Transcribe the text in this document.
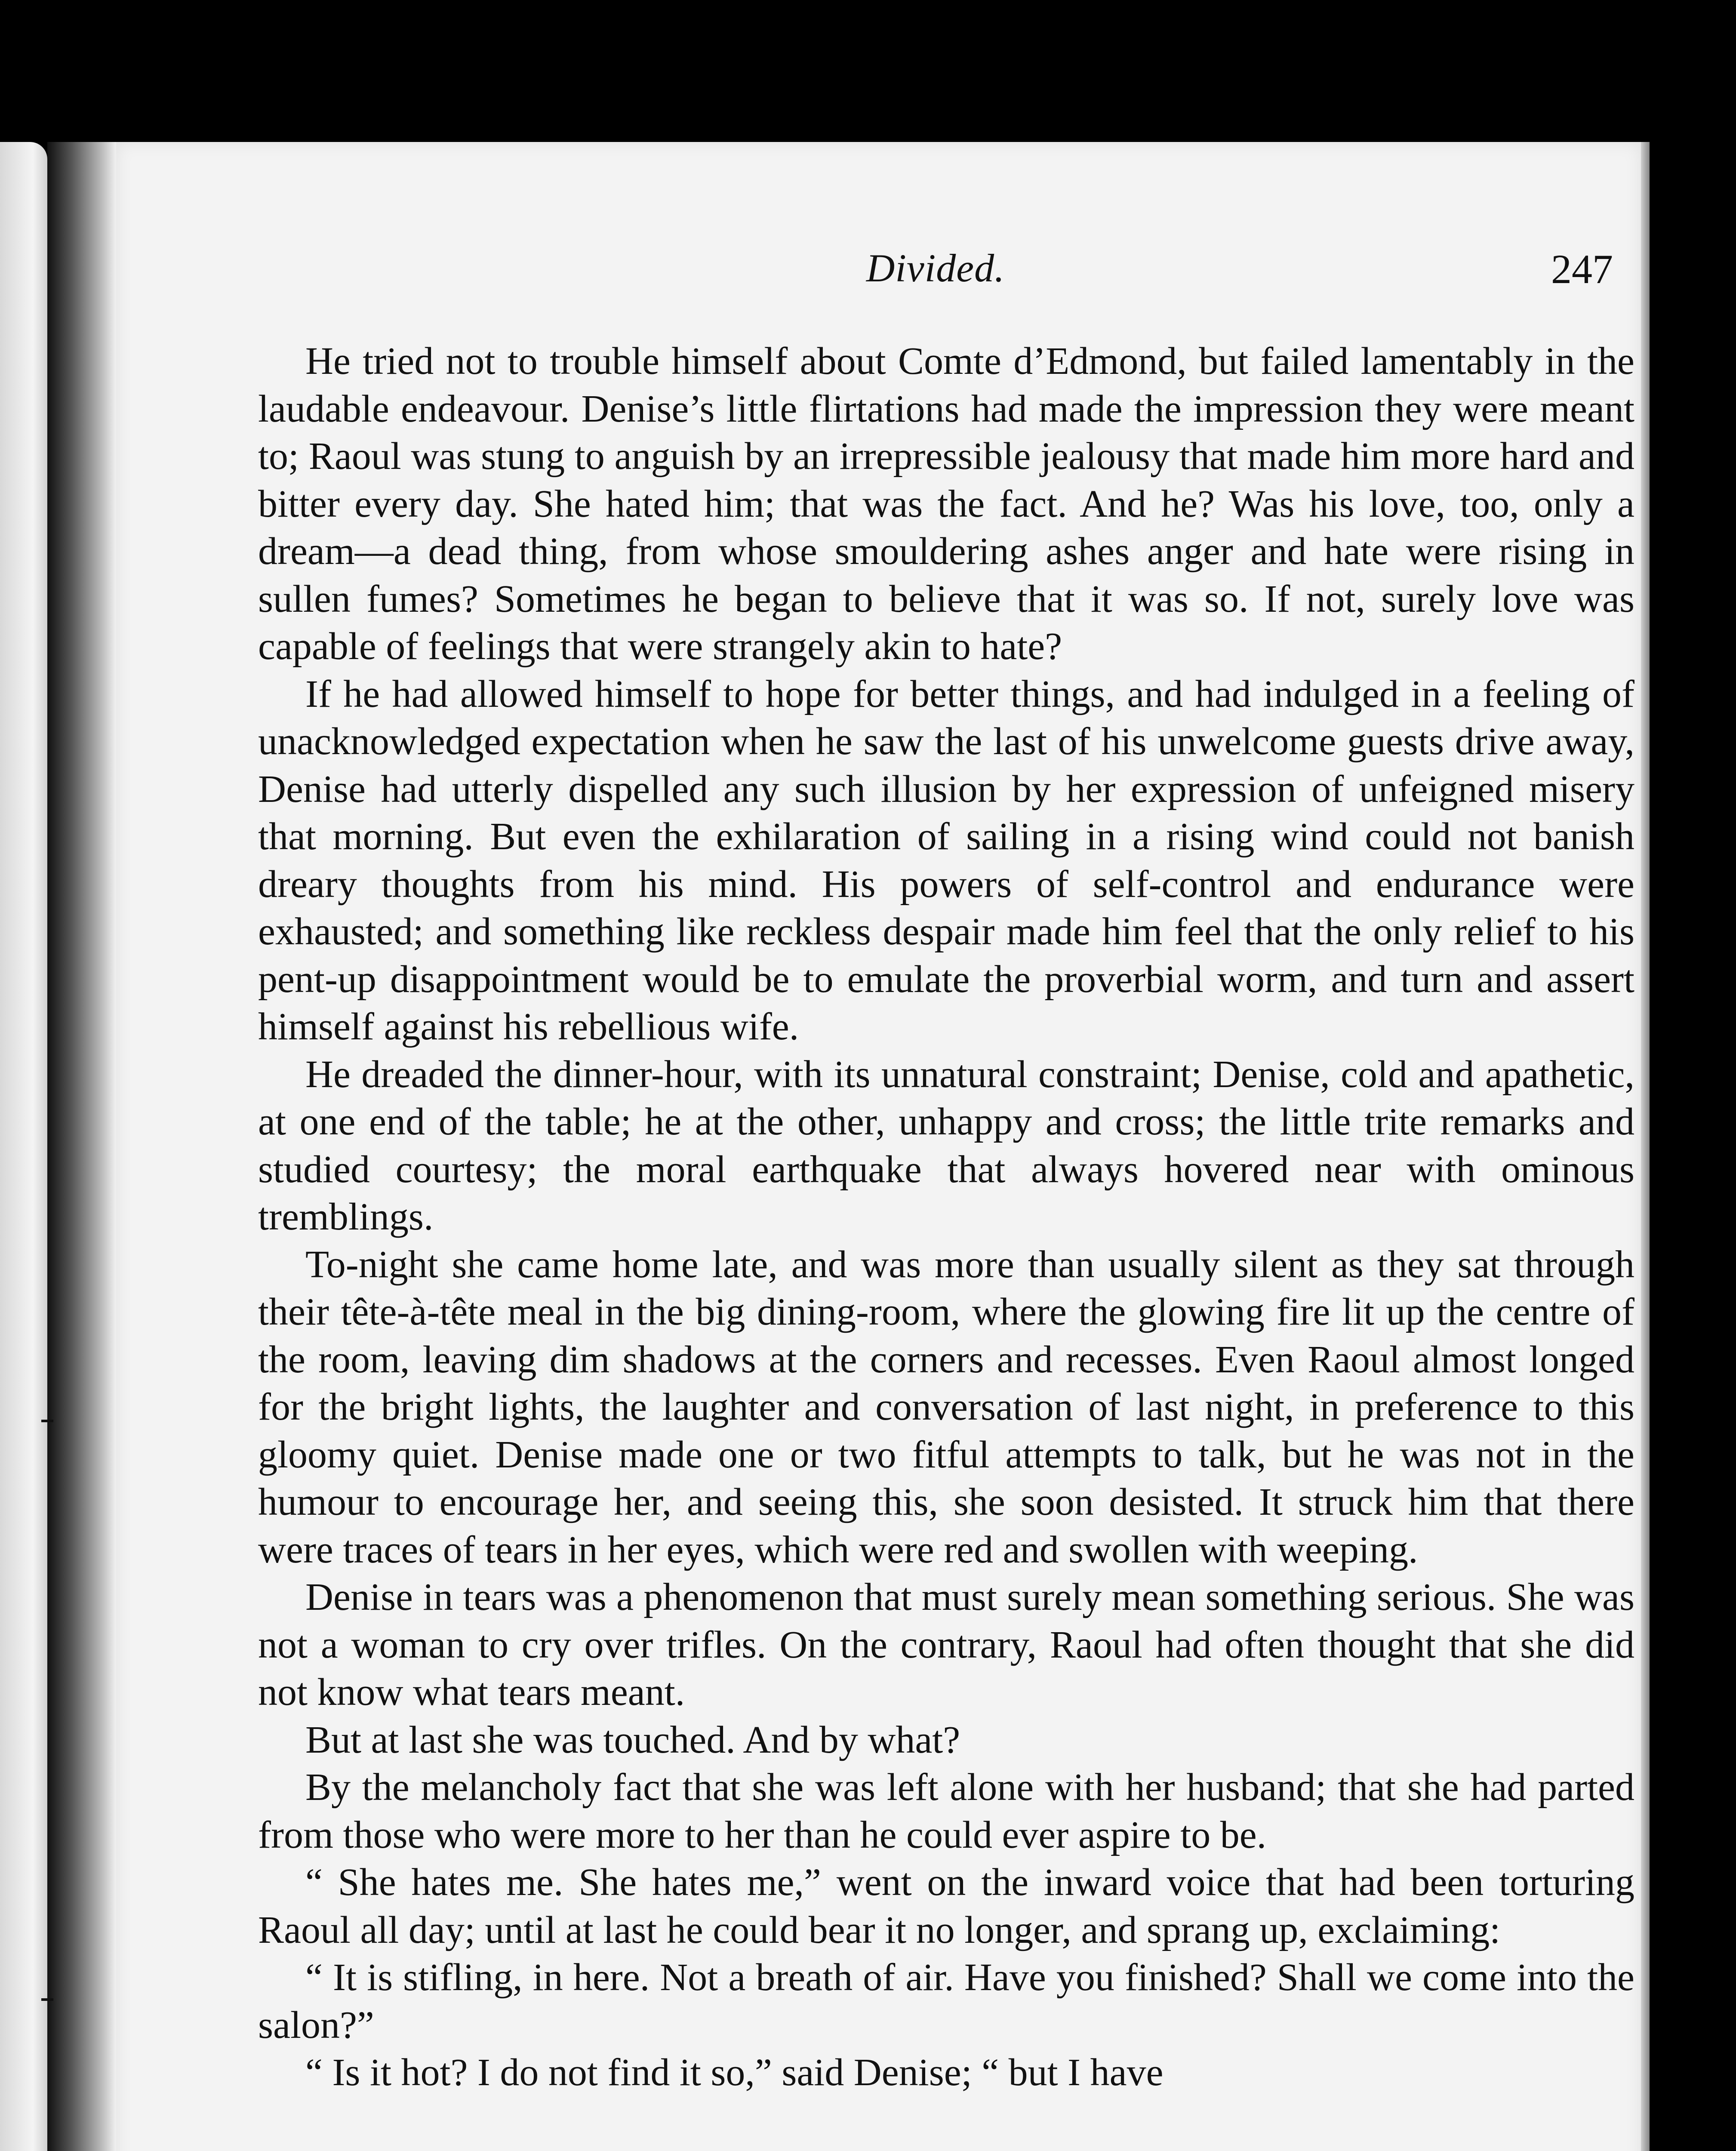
Divided.	247

He tried not to trouble himself about Comte d’Edmond, but failed lamentably in the laudable endeavour. Denise’s little flirtations had made the impression they were meant to; Raoul was stung to anguish by an irrepressible jealousy that made him more hard and bitter every day. She hated him; that was the fact. And he? Was his love, too, only a dream—a dead thing, from whose smouldering ashes anger and hate were rising in sullen fumes? Sometimes he began to believe that it was so. If not, surely love was capable of feelings that were strangely akin to hate?

If he had allowed himself to hope for better things, and had indulged in a feeling of unacknowledged expectation when he saw the last of his unwelcome guests drive away, Denise had utterly dispelled any such illusion by her expression of unfeigned misery that morning. But even the exhilaration of sailing in a rising wind could not banish dreary thoughts from his mind. His powers of self-control and endurance were exhausted; and something like reckless despair made him feel that the only relief to his pent-up disappointment would be to emulate the proverbial worm, and turn and assert himself against his rebellious wife.

He dreaded the dinner-hour, with its unnatural constraint; Denise, cold and apathetic, at one end of the table; he at the other, unhappy and cross; the little trite remarks and studied courtesy; the moral earthquake that always hovered near with ominous tremblings.

To-night she came home late, and was more than usually silent as they sat through their tête-à-tête meal in the big dining-room, where the glowing fire lit up the centre of the room, leaving dim shadows at the corners and recesses. Even Raoul almost longed for the bright lights, the laughter and conversation of last night, in preference to this gloomy quiet. Denise made one or two fitful attempts to talk, but he was not in the humour to encourage her, and seeing this, she soon desisted. It struck him that there were traces of tears in her eyes, which were red and swollen with weeping.

Denise in tears was a phenomenon that must surely mean something serious. She was not a woman to cry over trifles. On the contrary, Raoul had often thought that she did not know what tears meant.

But at last she was touched. And by what?

By the melancholy fact that she was left alone with her husband; that she had parted from those who were more to her than he could ever aspire to be.

“ She hates me. She hates me,” went on the inward voice that had been torturing Raoul all day; until at last he could bear it no longer, and sprang up, exclaiming:

“ It is stifling, in here. Not a breath of air. Have you finished? Shall we come into the salon?”

“ Is it hot? I do not find it so,” said Denise; “ but I have
